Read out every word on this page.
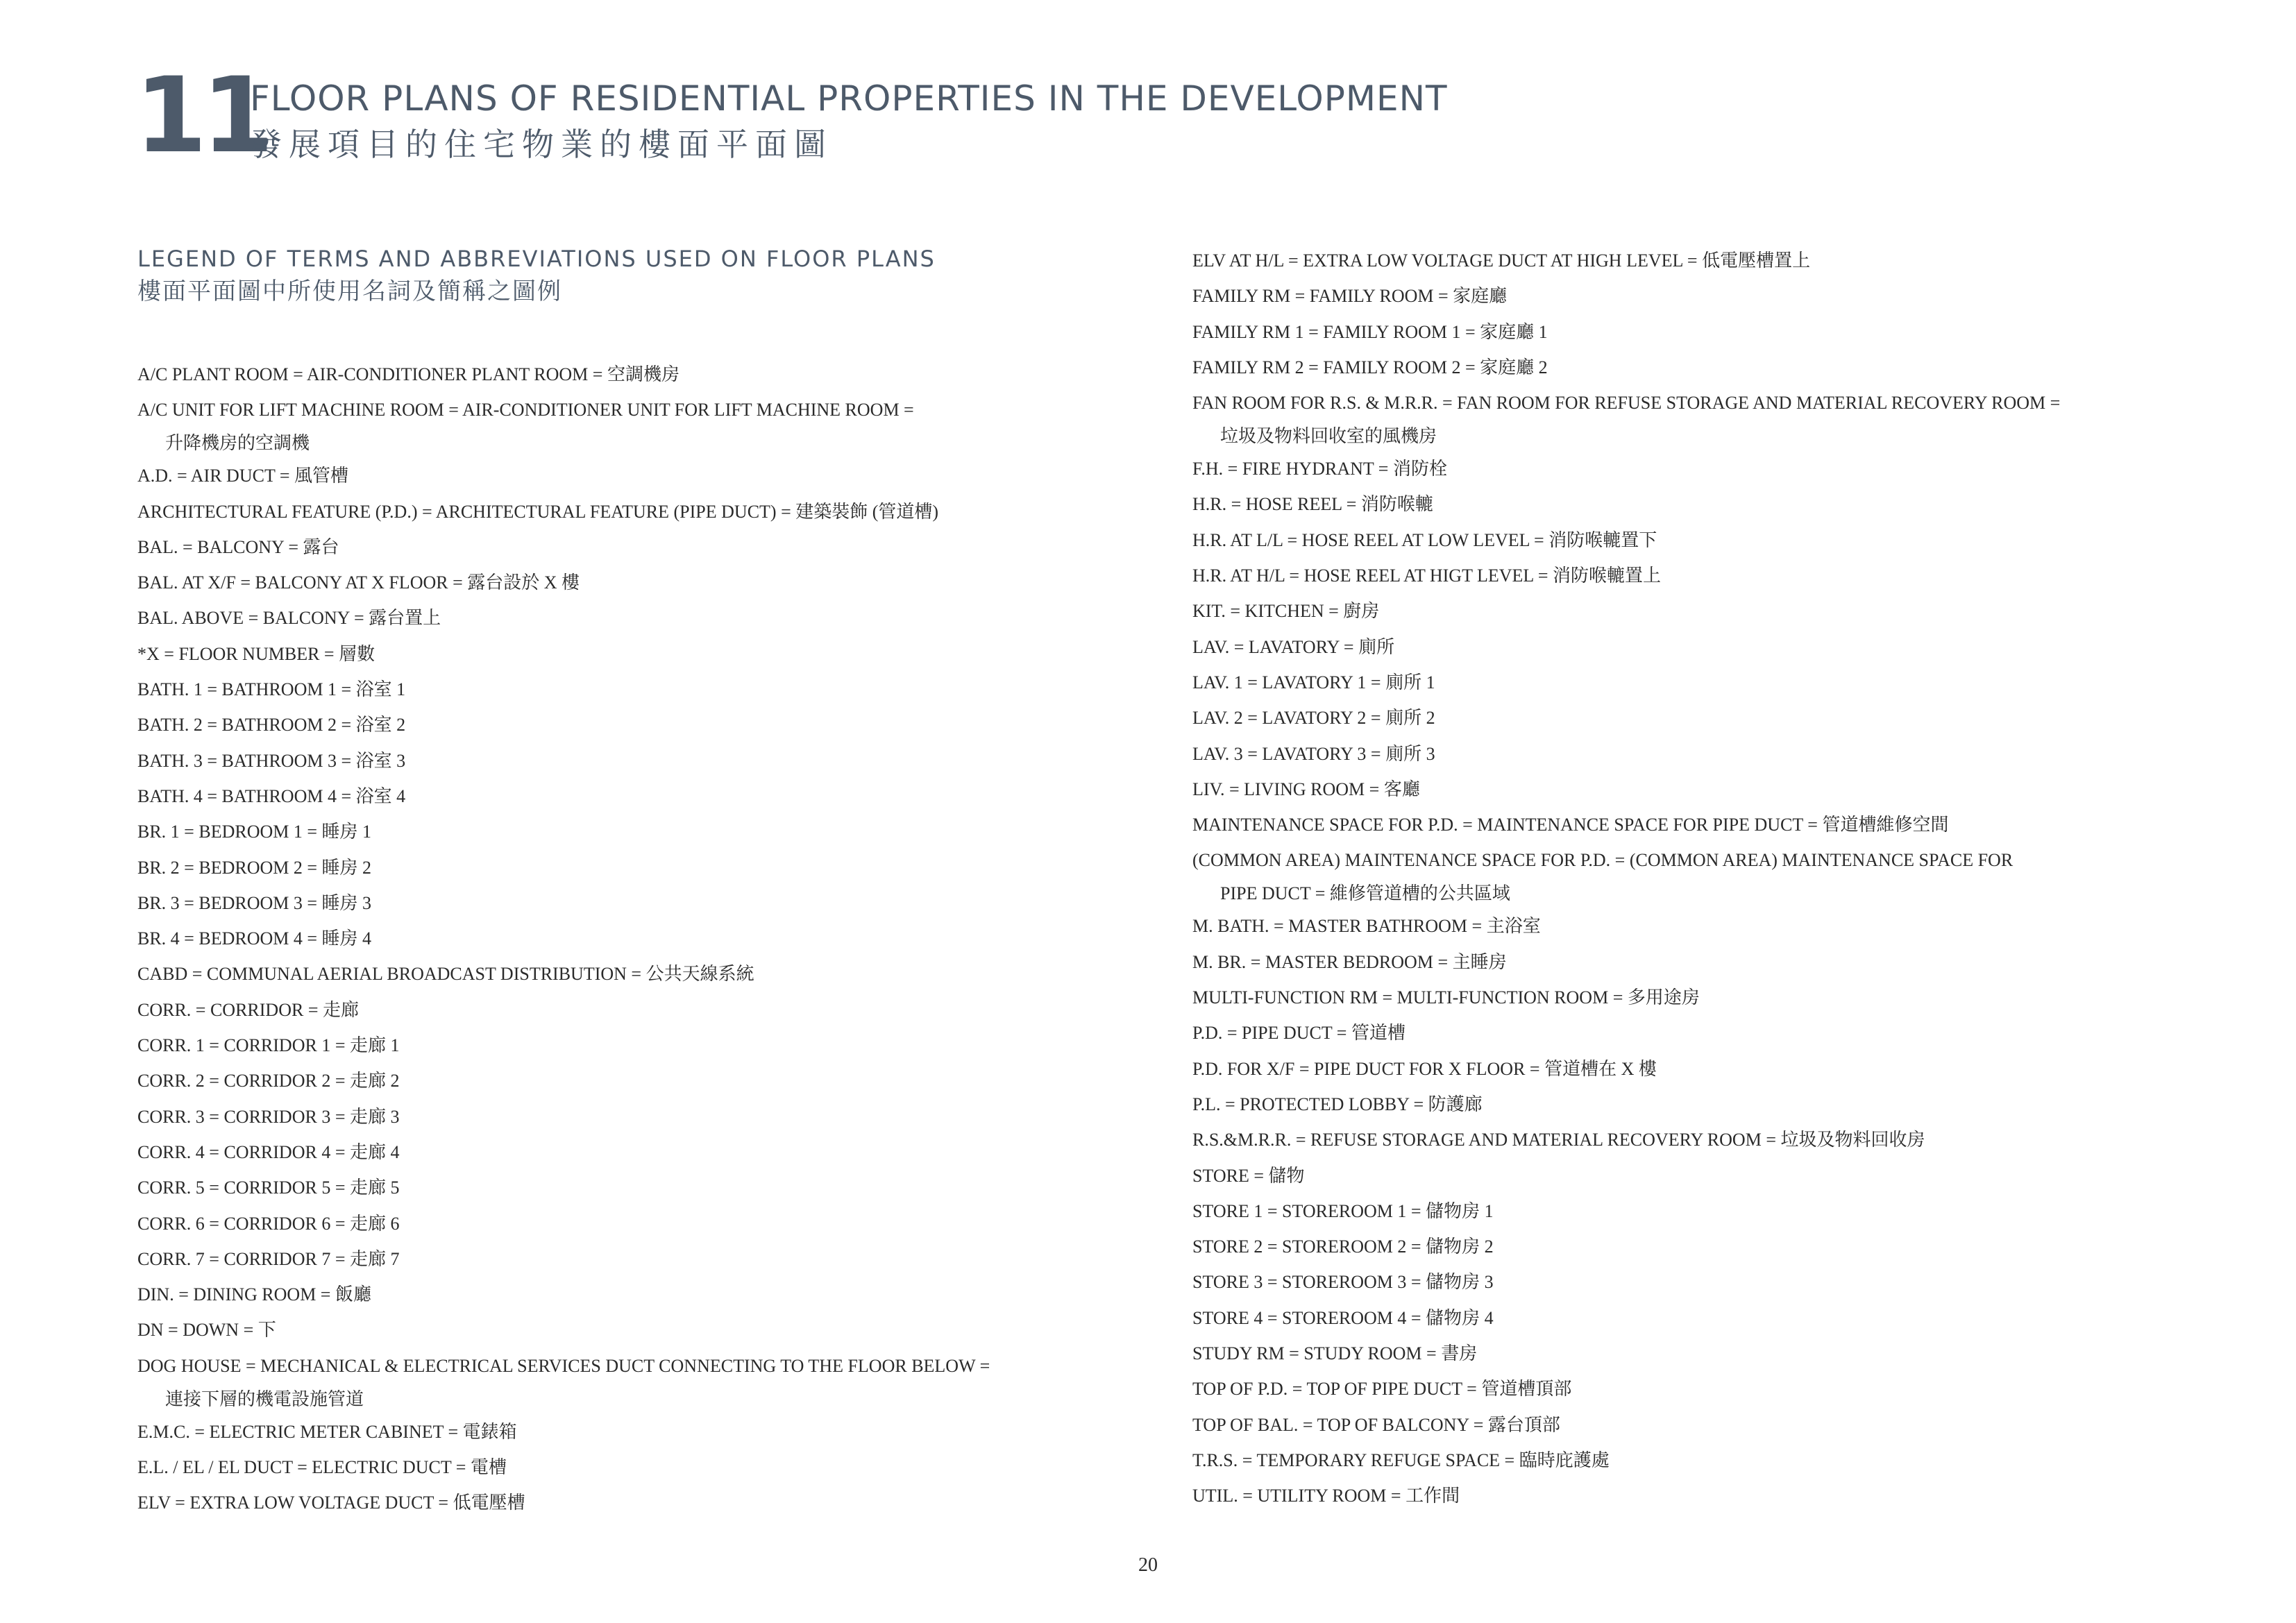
11
FLOOR PLANS OF RESIDENTIAL PROPERTIES IN THE DEVELOPMENT
發展項目的住宅物業的樓面平面圖
LEGEND OF TERMS AND ABBREVIATIONS USED ON FLOOR PLANS
樓面平面圖中所使用名詞及簡稱之圖例
A/C PLANT ROOM = AIR-CONDITIONER PLANT ROOM = 空調機房
A/C UNIT FOR LIFT MACHINE ROOM = AIR-CONDITIONER UNIT FOR LIFT MACHINE ROOM =
升降機房的空調機
A.D. = AIR DUCT = 風管槽
ARCHITECTURAL FEATURE (P.D.) = ARCHITECTURAL FEATURE (PIPE DUCT) = 建築裝飾 (管道槽)
BAL. = BALCONY = 露台
BAL. AT X/F = BALCONY AT X FLOOR = 露台設於 X 樓
BAL. ABOVE = BALCONY = 露台置上
*X = FLOOR NUMBER = 層數
BATH. 1 = BATHROOM 1 = 浴室 1
BATH. 2 = BATHROOM 2 = 浴室 2
BATH. 3 = BATHROOM 3 = 浴室 3
BATH. 4 = BATHROOM 4 = 浴室 4
BR. 1 = BEDROOM 1 = 睡房 1
BR. 2 = BEDROOM 2 = 睡房 2
BR. 3 = BEDROOM 3 = 睡房 3
BR. 4 = BEDROOM 4 = 睡房 4
CABD = COMMUNAL AERIAL BROADCAST DISTRIBUTION = 公共天線系統
CORR. = CORRIDOR = 走廊
CORR. 1 = CORRIDOR 1 = 走廊 1
CORR. 2 = CORRIDOR 2 = 走廊 2
CORR. 3 = CORRIDOR 3 = 走廊 3
CORR. 4 = CORRIDOR 4 = 走廊 4
CORR. 5 = CORRIDOR 5 = 走廊 5
CORR. 6 = CORRIDOR 6 = 走廊 6
CORR. 7 = CORRIDOR 7 = 走廊 7
DIN. = DINING ROOM = 飯廳
DN = DOWN = 下
DOG HOUSE = MECHANICAL & ELECTRICAL SERVICES DUCT CONNECTING TO THE FLOOR BELOW =
連接下層的機電設施管道
E.M.C. = ELECTRIC METER CABINET = 電錶箱
E.L. / EL / EL DUCT = ELECTRIC DUCT = 電槽
ELV = EXTRA LOW VOLTAGE DUCT = 低電壓槽
ELV AT H/L = EXTRA LOW VOLTAGE DUCT AT HIGH LEVEL = 低電壓槽置上
FAMILY RM = FAMILY ROOM = 家庭廳
FAMILY RM 1 = FAMILY ROOM 1 = 家庭廳 1
FAMILY RM 2 = FAMILY ROOM 2 = 家庭廳 2
FAN ROOM FOR R.S. & M.R.R. = FAN ROOM FOR REFUSE STORAGE AND MATERIAL RECOVERY ROOM =
垃圾及物料回收室的風機房
F.H. = FIRE HYDRANT = 消防栓
H.R. = HOSE REEL = 消防喉轆
H.R. AT L/L = HOSE REEL AT LOW LEVEL = 消防喉轆置下
H.R. AT H/L = HOSE REEL AT HIGT LEVEL = 消防喉轆置上
KIT. = KITCHEN = 廚房
LAV. = LAVATORY = 廁所
LAV. 1 = LAVATORY 1 = 廁所 1
LAV. 2 = LAVATORY 2 = 廁所 2
LAV. 3 = LAVATORY 3 = 廁所 3
LIV. = LIVING ROOM = 客廳
MAINTENANCE SPACE FOR P.D. = MAINTENANCE SPACE FOR PIPE DUCT = 管道槽維修空間
(COMMON AREA) MAINTENANCE SPACE FOR P.D. = (COMMON AREA) MAINTENANCE SPACE FOR
PIPE DUCT = 維修管道槽的公共區域
M. BATH. = MASTER BATHROOM = 主浴室
M. BR. = MASTER BEDROOM = 主睡房
MULTI-FUNCTION RM = MULTI-FUNCTION ROOM = 多用途房
P.D. = PIPE DUCT = 管道槽
P.D. FOR X/F = PIPE DUCT FOR X FLOOR = 管道槽在 X 樓
P.L. = PROTECTED LOBBY = 防護廊
R.S.&M.R.R. = REFUSE STORAGE AND MATERIAL RECOVERY ROOM = 垃圾及物料回收房
STORE = 儲物
STORE 1 = STOREROOM 1 = 儲物房 1
STORE 2 = STOREROOM 2 = 儲物房 2
STORE 3 = STOREROOM 3 = 儲物房 3
STORE 4 = STOREROOM 4 = 儲物房 4
STUDY RM = STUDY ROOM = 書房
TOP OF P.D. = TOP OF PIPE DUCT = 管道槽頂部
TOP OF BAL. = TOP OF BALCONY = 露台頂部
T.R.S. = TEMPORARY REFUGE SPACE = 臨時庇護處
UTIL. = UTILITY ROOM = 工作間
20
